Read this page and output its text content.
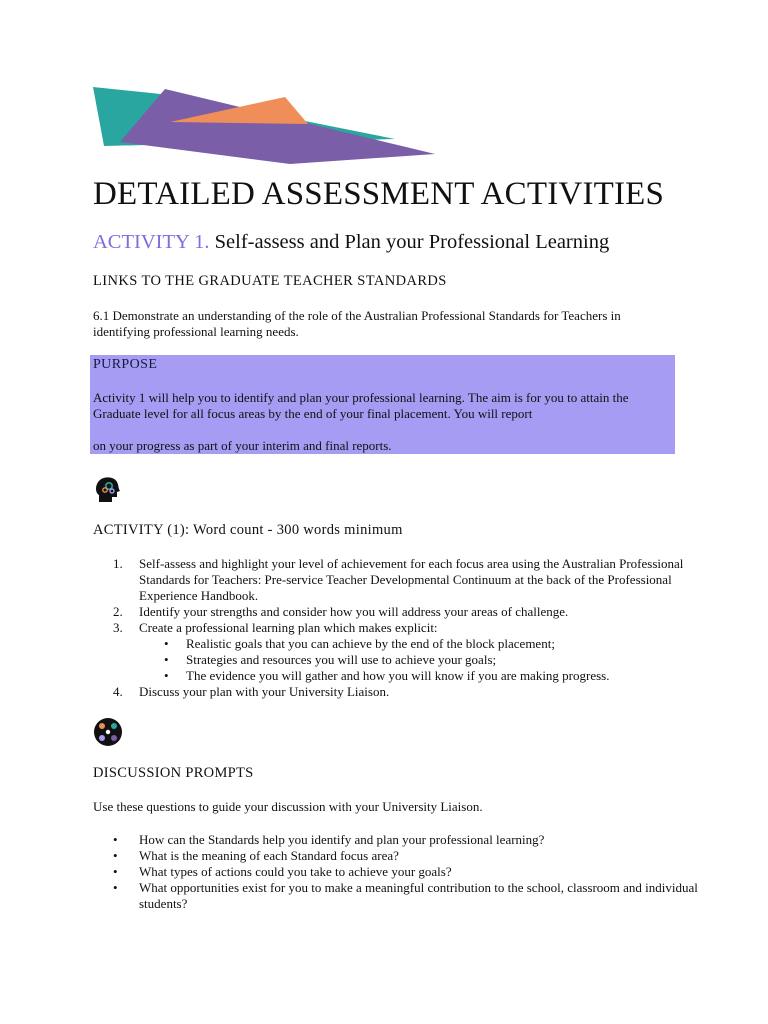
DETAILED ASSESSMENT ACTIVITIES
ACTIVITY 1. Self-assess and Plan your Professional Learning
LINKS TO THE GRADUATE TEACHER STANDARDS

6.1 Demonstrate an understanding of the role of the Australian Professional Standards for Teachers in identifying professional learning needs.

PURPOSE

Activity 1 will help you to identify and plan your professional learning. The aim is for you to attain the Graduate level for all focus areas by the end of your final placement. You will report

on your progress as part of your interim and final reports.

ACTIVITY (1): Word count - 300 words minimum
1. Self-assess and highlight your level of achievement for each focus area using the Australian Professional Standards for Teachers: Pre-service Teacher Developmental Continuum at the back of the Professional Experience Handbook.
2. Identify your strengths and consider how you will address your areas of challenge.
3. Create a professional learning plan which makes explicit:
• Realistic goals that you can achieve by the end of the block placement;
• Strategies and resources you will use to achieve your goals;
• The evidence you will gather and how you will know if you are making progress.
4. Discuss your plan with your University Liaison.
DISCUSSION PROMPTS

Use these questions to guide your discussion with your University Liaison.

• How can the Standards help you identify and plan your professional learning?
• What is the meaning of each Standard focus area?
• What types of actions could you take to achieve your goals?
• What opportunities exist for you to make a meaningful contribution to the school, classroom and individual students?
